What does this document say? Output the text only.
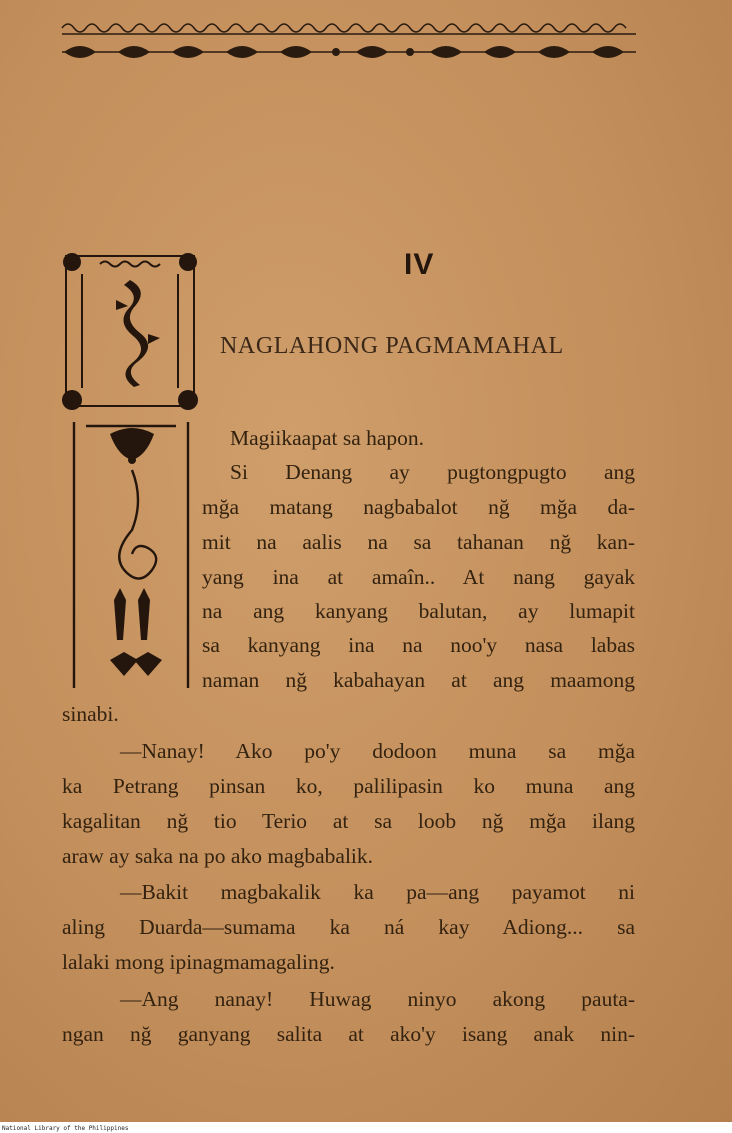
IV
NAGLAHONG PAGMAMAHAL
Magiikaapat sa hapon.
Si Denang ay pugtongpugto ang
mğa matang nagbabalot nğ mğa da-
mit na aalis na sa tahanan nğ kan-
yang ina at amaîn.. At nang gayak
na ang kanyang balutan, ay lumapit
sa kanyang ina na noo'y nasa labas
naman nğ kabahayan at ang maamong
sinabi.
—Nanay! Ako po'y dodoon muna sa mğa
ka Petrang pinsan ko, palilipasin ko muna ang
kagalitan nğ tio Terio at sa loob nğ mğa ilang
araw ay saka na po ako magbabalik.
—Bakit magbakalik ka pa—ang payamot ni
aling Duarda—sumama ka ná kay Adiong... sa
lalaki mong ipinagmamagaling.
—Ang nanay! Huwag ninyo akong pauta-
ngan nğ ganyang salita at ako'y isang anak nin-
National Library of the Philippines
